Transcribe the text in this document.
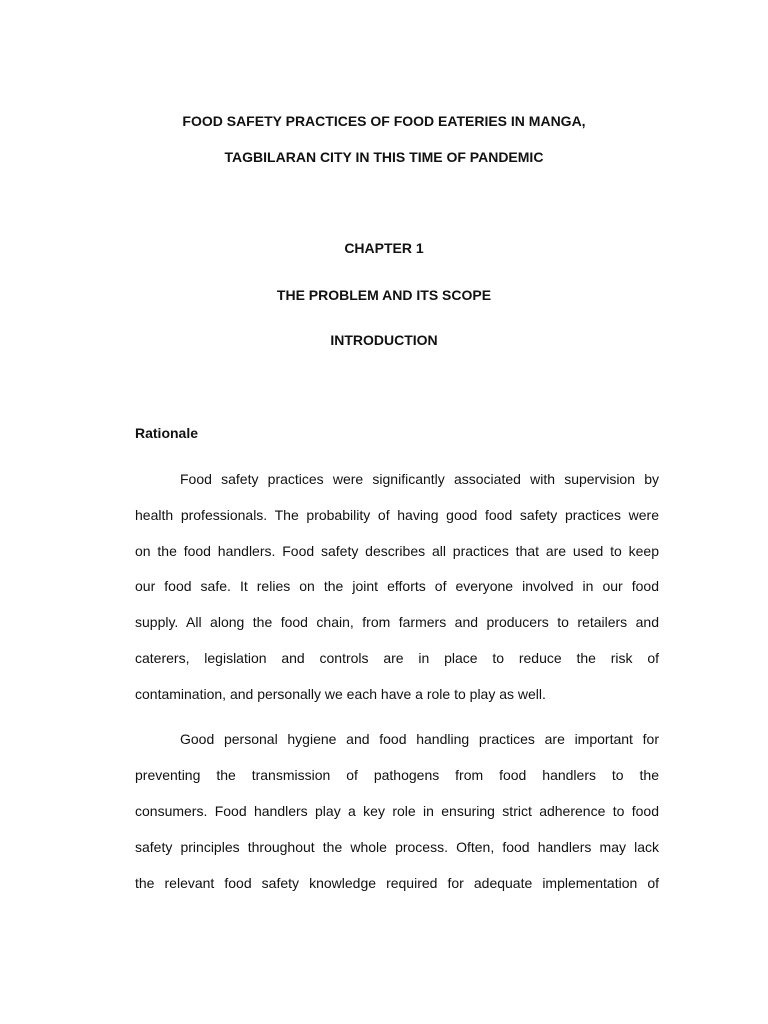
FOOD SAFETY PRACTICES OF FOOD EATERIES IN MANGA,
TAGBILARAN CITY IN THIS TIME OF PANDEMIC
CHAPTER 1
THE PROBLEM AND ITS SCOPE
INTRODUCTION
Rationale
Food safety practices were significantly associated with supervision by
health professionals. The probability of having good food safety practices were
on the food handlers. Food safety describes all practices that are used to keep
our food safe. It relies on the joint efforts of everyone involved in our food
supply. All along the food chain, from farmers and producers to retailers and
caterers, legislation and controls are in place to reduce the risk of
contamination, and personally we each have a role to play as well.
Good personal hygiene and food handling practices are important for
preventing the transmission of pathogens from food handlers to the
consumers. Food handlers play a key role in ensuring strict adherence to food
safety principles throughout the whole process. Often, food handlers may lack
the relevant food safety knowledge required for adequate implementation of
